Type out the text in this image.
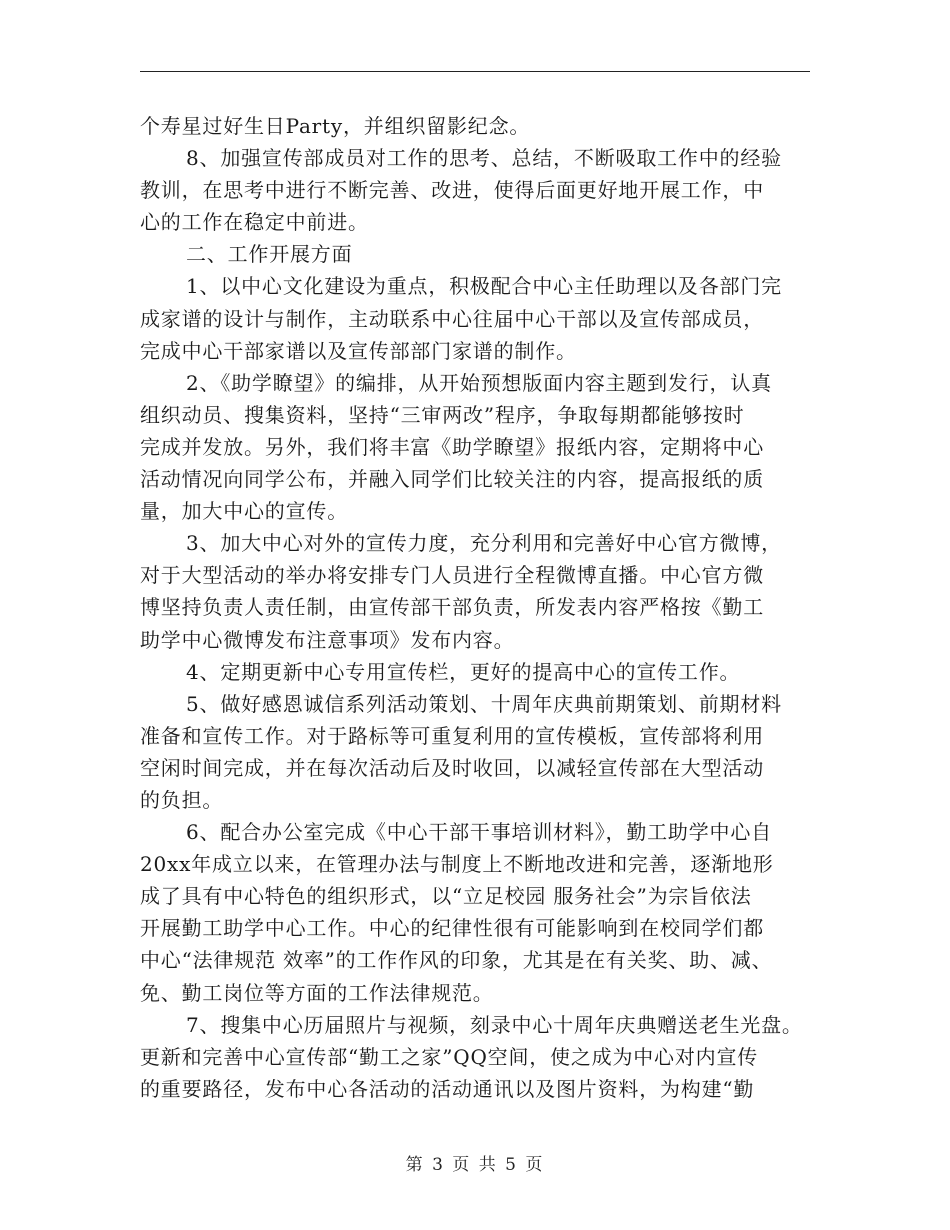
个寿星过好生日Party，并组织留影纪念。
8、加强宣传部成员对工作的思考、总结，不断吸取工作中的经验
教训，在思考中进行不断完善、改进，使得后面更好地开展工作，中
心的工作在稳定中前进。
二、工作开展方面
1、以中心文化建设为重点，积极配合中心主任助理以及各部门完
成家谱的设计与制作，主动联系中心往届中心干部以及宣传部成员，
完成中心干部家谱以及宣传部部门家谱的制作。
2、《助学瞭望》的编排，从开始预想版面内容主题到发行，认真
组织动员、搜集资料，坚持“三审两改”程序，争取每期都能够按时
完成并发放。另外，我们将丰富《助学瞭望》报纸内容，定期将中心
活动情况向同学公布，并融入同学们比较关注的内容，提高报纸的质
量，加大中心的宣传。
3、加大中心对外的宣传力度，充分利用和完善好中心官方微博，
对于大型活动的举办将安排专门人员进行全程微博直播。中心官方微
博坚持负责人责任制，由宣传部干部负责，所发表内容严格按《勤工
助学中心微博发布注意事项》发布内容。
4、定期更新中心专用宣传栏，更好的提高中心的宣传工作。
5、做好感恩诚信系列活动策划、十周年庆典前期策划、前期材料
准备和宣传工作。对于路标等可重复利用的宣传模板，宣传部将利用
空闲时间完成，并在每次活动后及时收回，以减轻宣传部在大型活动
的负担。
6、配合办公室完成《中心干部干事培训材料》，勤工助学中心自
20xx年成立以来，在管理办法与制度上不断地改进和完善，逐渐地形
成了具有中心特色的组织形式，以“立足校园 服务社会”为宗旨依法
开展勤工助学中心工作。中心的纪律性很有可能影响到在校同学们都
中心“法律规范 效率”的工作作风的印象，尤其是在有关奖、助、减、
免、勤工岗位等方面的工作法律规范。
7、搜集中心历届照片与视频，刻录中心十周年庆典赠送老生光盘。
更新和完善中心宣传部“勤工之家”QQ空间，使之成为中心对内宣传
的重要路径，发布中心各活动的活动通讯以及图片资料，为构建“勤
第 3 页 共 5 页
